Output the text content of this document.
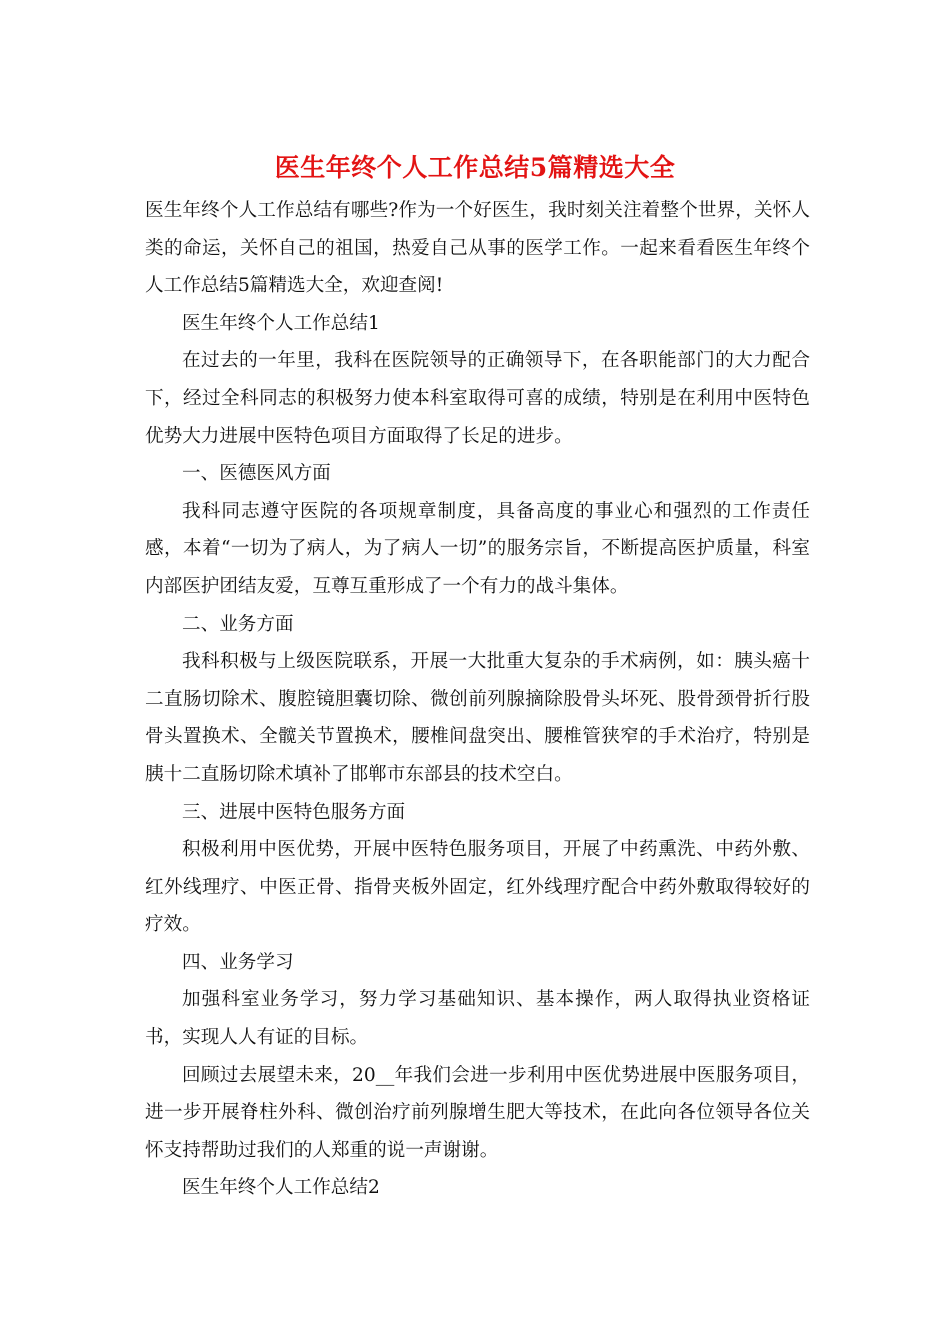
医生年终个人工作总结5篇精选大全

医生年终个人工作总结有哪些?作为一个好医生，我时刻关注着整个世界，关怀人类的命运，关怀自己的祖国，热爱自己从事的医学工作。一起来看看医生年终个人工作总结5篇精选大全，欢迎查阅!

医生年终个人工作总结1

在过去的一年里，我科在医院领导的正确领导下，在各职能部门的大力配合下，经过全科同志的积极努力使本科室取得可喜的成绩，特别是在利用中医特色优势大力进展中医特色项目方面取得了长足的进步。

一、医德医风方面

我科同志遵守医院的各项规章制度，具备高度的事业心和强烈的工作责任感，本着“一切为了病人，为了病人一切”的服务宗旨，不断提高医护质量，科室内部医护团结友爱，互尊互重形成了一个有力的战斗集体。

二、业务方面

我科积极与上级医院联系，开展一大批重大复杂的手术病例，如：胰头癌十二直肠切除术、腹腔镜胆囊切除、微创前列腺摘除股骨头坏死、股骨颈骨折行股骨头置换术、全髋关节置换术，腰椎间盘突出、腰椎管狭窄的手术治疗，特别是胰十二直肠切除术填补了邯郸市东部县的技术空白。

三、进展中医特色服务方面

积极利用中医优势，开展中医特色服务项目，开展了中药熏洗、中药外敷、红外线理疗、中医正骨、指骨夹板外固定，红外线理疗配合中药外敷取得较好的疗效。

四、业务学习

加强科室业务学习，努力学习基础知识、基本操作，两人取得执业资格证书，实现人人有证的目标。

回顾过去展望未来，20__年我们会进一步利用中医优势进展中医服务项目，进一步开展脊柱外科、微创治疗前列腺增生肥大等技术，在此向各位领导各位关怀支持帮助过我们的人郑重的说一声谢谢。

医生年终个人工作总结2
